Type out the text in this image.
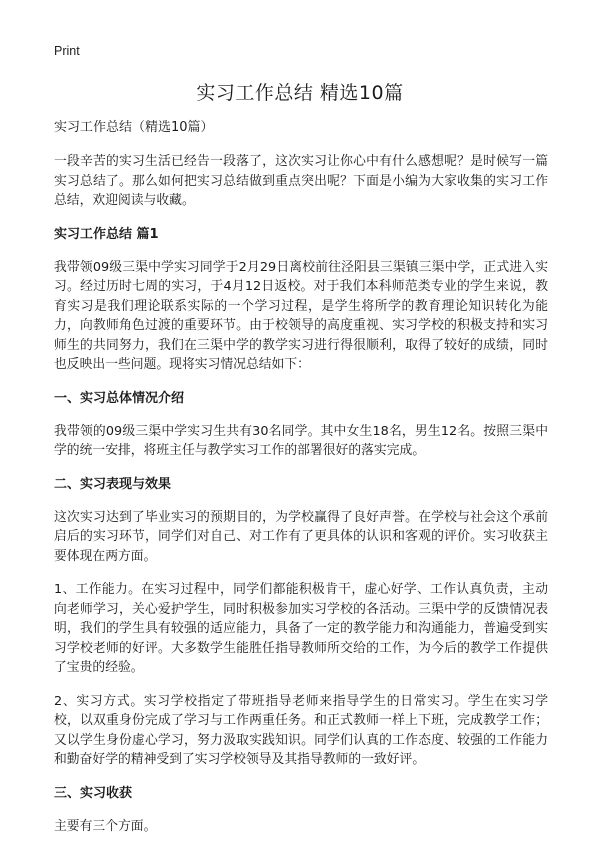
Print
实习工作总结 精选10篇
实习工作总结（精选10篇）

一段辛苦的实习生活已经告一段落了，这次实习让你心中有什么感想呢？是时候写一篇实习总结了。那么如何把实习总结做到重点突出呢？下面是小编为大家收集的实习工作总结，欢迎阅读与收藏。

实习工作总结 篇1

我带领09级三渠中学实习同学于2月29日离校前往泾阳县三渠镇三渠中学，正式进入实习。经过历时七周的实习，于4月12日返校。对于我们本科师范类专业的学生来说，教育实习是我们理论联系实际的一个学习过程，是学生将所学的教育理论知识转化为能力，向教师角色过渡的重要环节。由于校领导的高度重视、实习学校的积极支持和实习师生的共同努力，我们在三渠中学的教学实习进行得很顺利，取得了较好的成绩，同时也反映出一些问题。现将实习情况总结如下：

一、实习总体情况介绍

我带领的09级三渠中学实习生共有30名同学。其中女生18名，男生12名。按照三渠中学的统一安排，将班主任与教学实习工作的部署很好的落实完成。

二、实习表现与效果

这次实习达到了毕业实习的预期目的，为学校赢得了良好声誉。在学校与社会这个承前启后的实习环节，同学们对自己、对工作有了更具体的认识和客观的评价。实习收获主要体现在两方面。

1、工作能力。在实习过程中，同学们都能积极肯干，虚心好学、工作认真负责，主动向老师学习，关心爱护学生，同时积极参加实习学校的各活动。三渠中学的反馈情况表明，我们的学生具有较强的适应能力，具备了一定的教学能力和沟通能力，普遍受到实习学校老师的好评。大多数学生能胜任指导教师所交给的工作，为今后的教学工作提供了宝贵的经验。

2、实习方式。实习学校指定了带班指导老师来指导学生的日常实习。学生在实习学校，以双重身份完成了学习与工作两重任务。和正式教师一样上下班，完成教学工作；又以学生身份虚心学习，努力汲取实践知识。同学们认真的工作态度、较强的工作能力和勤奋好学的精神受到了实习学校领导及其指导教师的一致好评。

三、实习收获

主要有三个方面。
